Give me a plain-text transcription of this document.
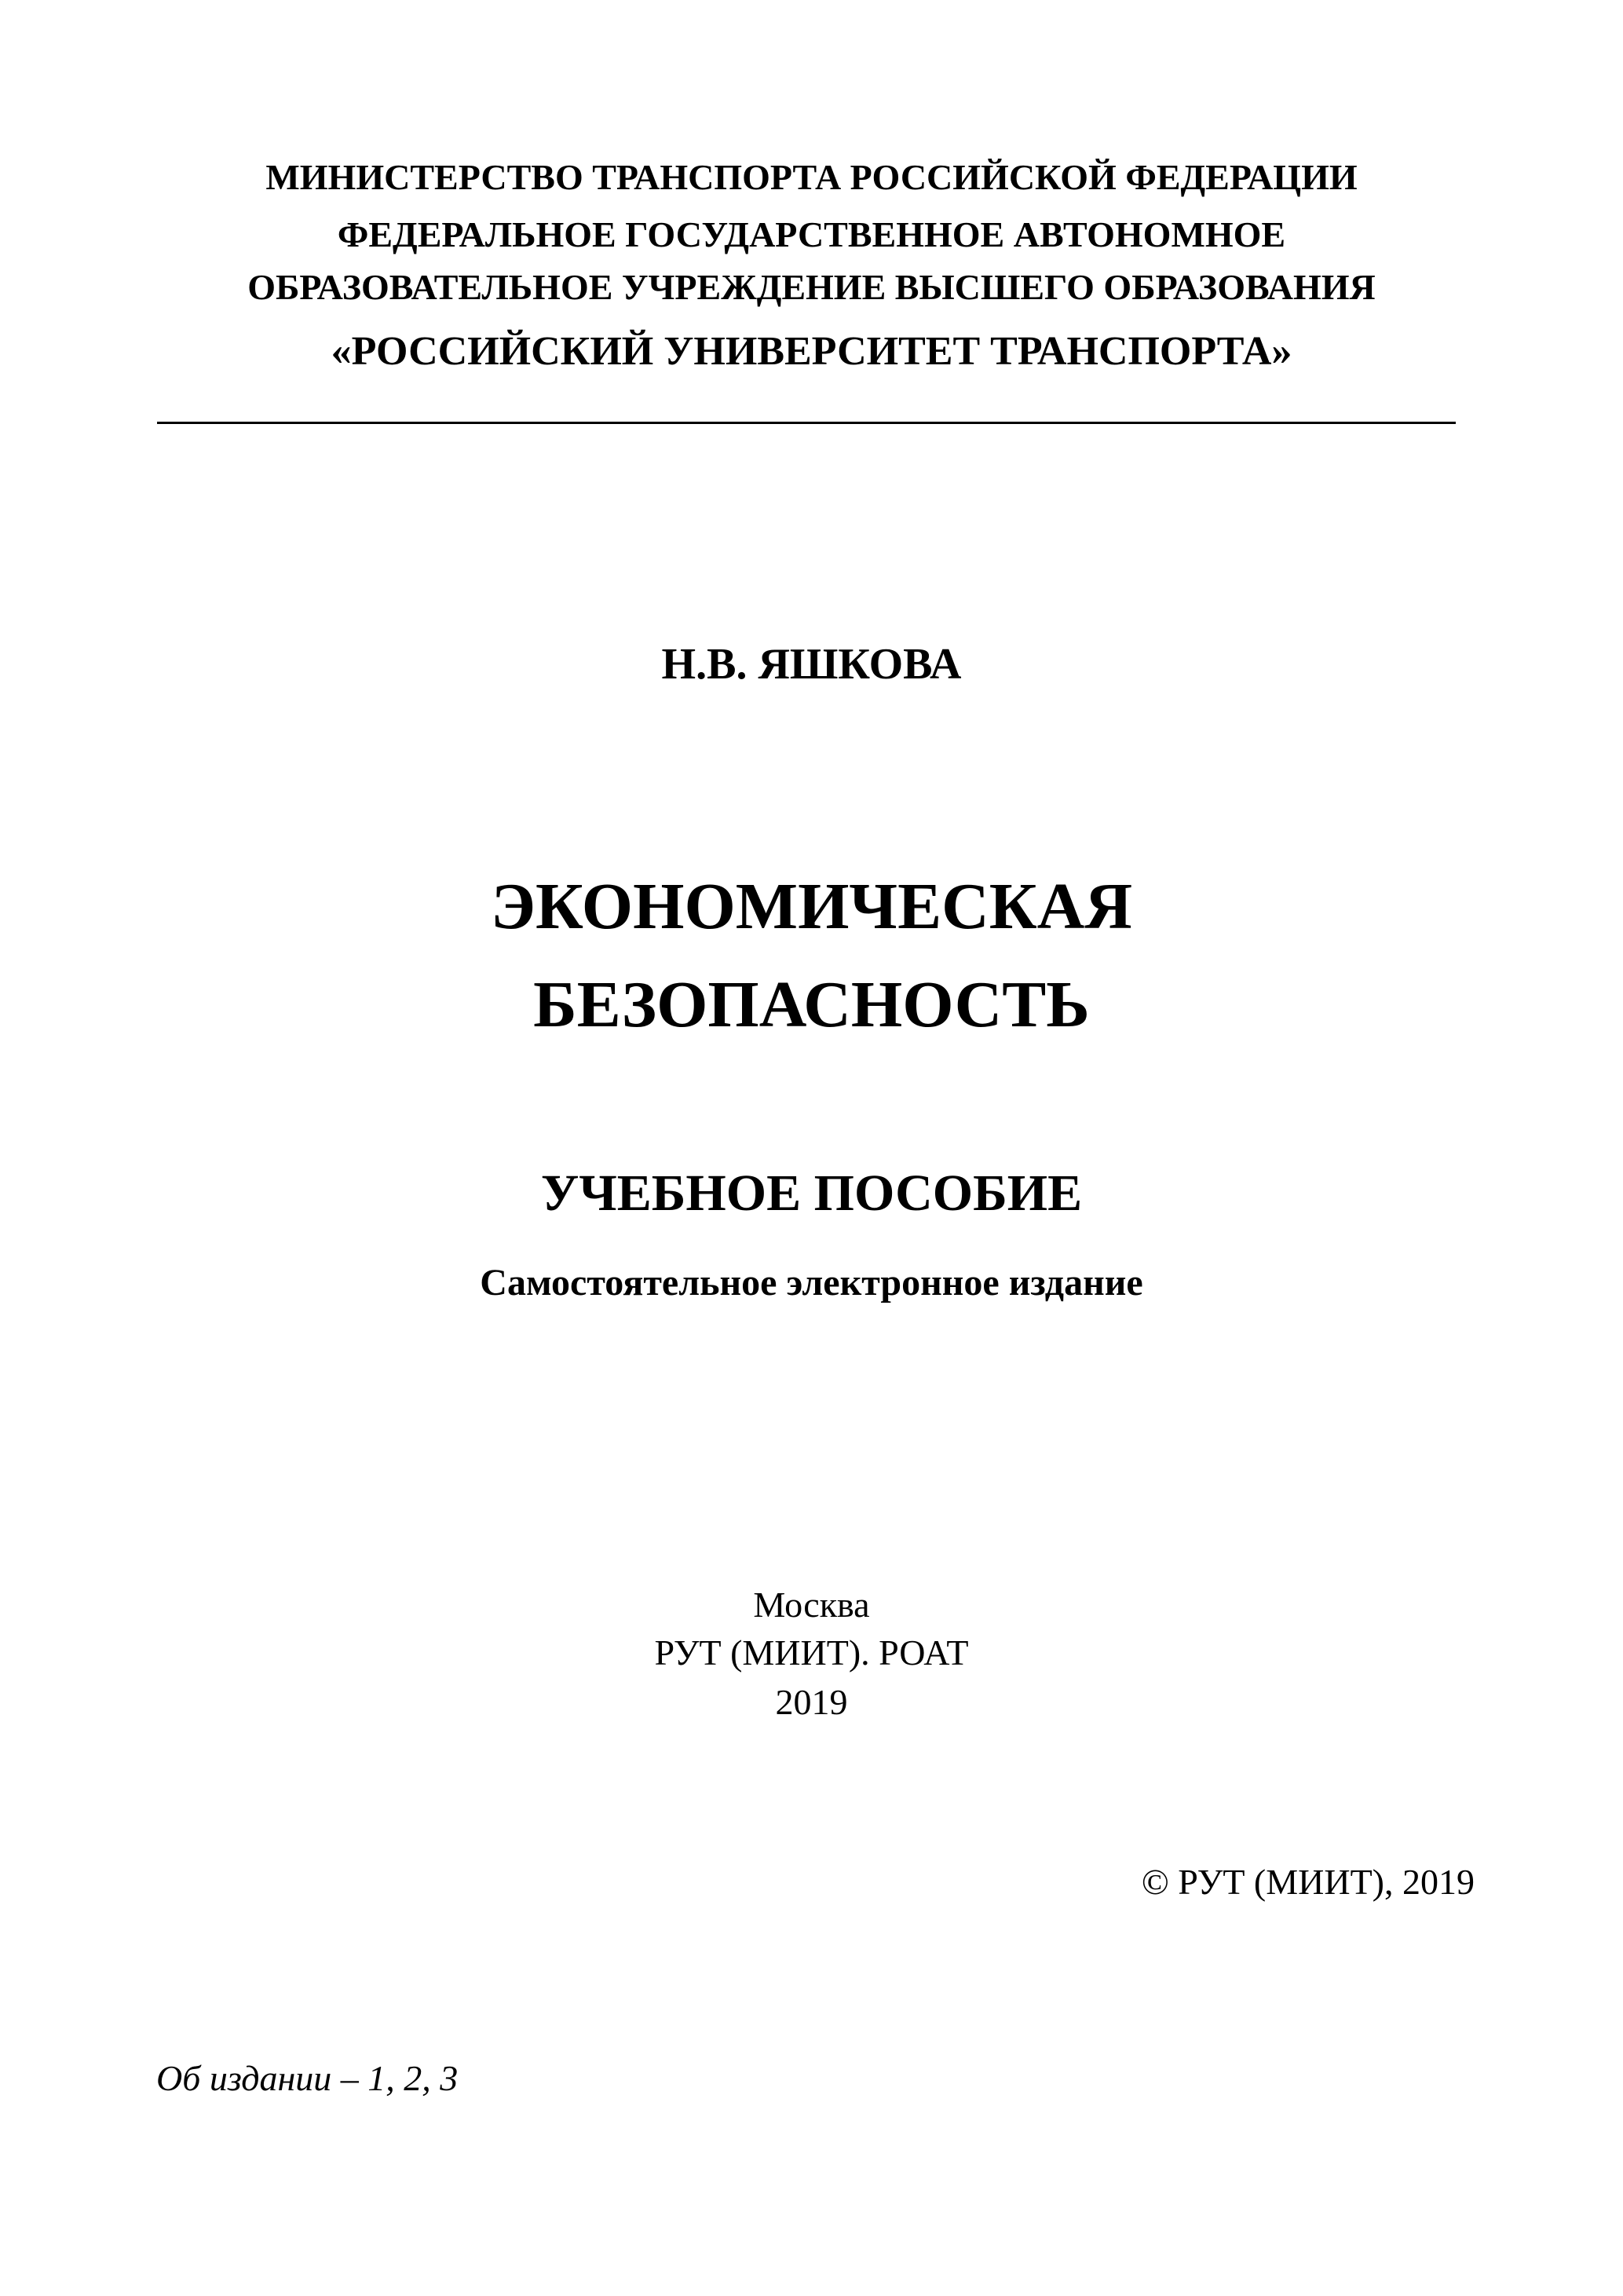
МИНИСТЕРСТВО ТРАНСПОРТА РОССИЙСКОЙ ФЕДЕРАЦИИ
ФЕДЕРАЛЬНОЕ ГОСУДАРСТВЕННОЕ АВТОНОМНОЕ
ОБРАЗОВАТЕЛЬНОЕ УЧРЕЖДЕНИЕ ВЫСШЕГО ОБРАЗОВАНИЯ
«РОССИЙСКИЙ УНИВЕРСИТЕТ ТРАНСПОРТА»
Н.В. ЯШКОВА
ЭКОНОМИЧЕСКАЯ
БЕЗОПАСНОСТЬ
УЧЕБНОЕ ПОСОБИЕ
Самостоятельное электронное издание
Москва
РУТ (МИИТ). РОАТ
2019
© РУТ (МИИТ), 2019
Об издании – 1, 2, 3
